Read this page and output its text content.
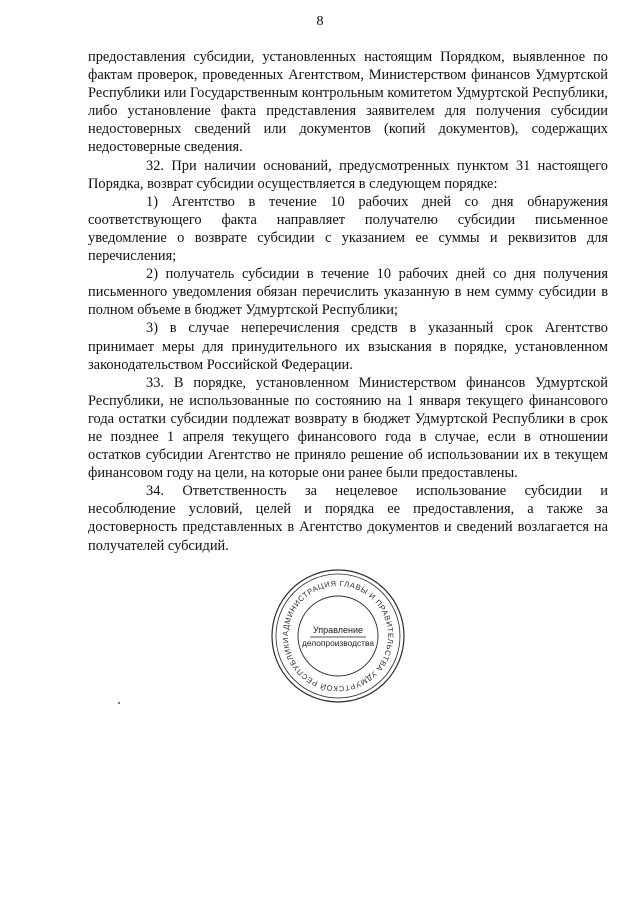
8

предоставления субсидии, установленных настоящим Порядком, выявленное по фактам проверок, проведенных Агентством, Министерством финансов Удмуртской Республики или Государственным контрольным комитетом Удмуртской Республики, либо установление факта представления заявителем для получения субсидии недостоверных сведений или документов (копий документов), содержащих недостоверные сведения.

32. При наличии оснований, предусмотренных пунктом 31 настоящего Порядка, возврат субсидии осуществляется в следующем порядке:

1) Агентство в течение 10 рабочих дней со дня обнаружения соответствующего факта направляет получателю субсидии письменное уведомление о возврате субсидии с указанием ее суммы и реквизитов для перечисления;

2) получатель субсидии в течение 10 рабочих дней со дня получения письменного уведомления обязан перечислить указанную в нем сумму субсидии в полном объеме в бюджет Удмуртской Республики;

3) в случае неперечисления средств в указанный срок Агентство принимает меры для принудительного их взыскания в порядке, установленном законодательством Российской Федерации.

33. В порядке, установленном Министерством финансов Удмуртской Республики, не использованные по состоянию на 1 января текущего финансового года остатки субсидии подлежат возврату в бюджет Удмуртской Республики в срок не позднее 1 апреля текущего финансового года в случае, если в отношении остатков субсидии Агентство не приняло решение об использовании их в текущем финансовом году на цели, на которые они ранее были предоставлены.

34. Ответственность за нецелевое использование субсидии и несоблюдение условий, целей и порядка ее предоставления, а также за достоверность представленных в Агентство документов и сведений возлагается на получателей субсидий.

АДМИНИСТРАЦИЯ ГЛАВЫ И ПРАВИТЕЛЬСТВА УДМУРТСКОЙ РЕСПУБЛИКИ
Управление
делопроизводства
